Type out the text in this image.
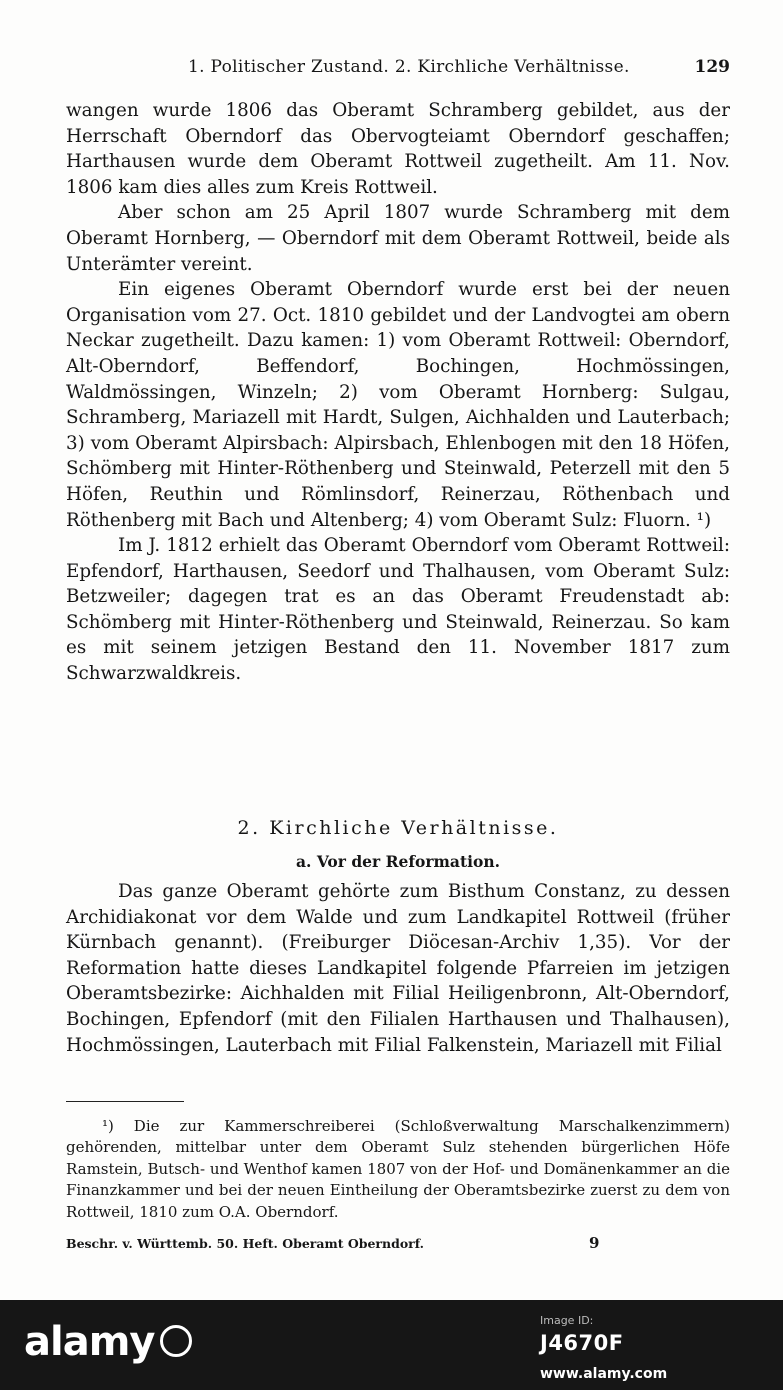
1. Politischer Zustand. 2. Kirchliche Verhältnisse.	129

wangen wurde 1806 das Oberamt Schramberg gebildet, aus der Herrschaft Oberndorf das Obervogteiamt Oberndorf geschaffen; Harthausen wurde dem Oberamt Rottweil zugetheilt. Am 11. Nov. 1806 kam dies alles zum Kreis Rottweil.

Aber schon am 25 April 1807 wurde Schramberg mit dem Oberamt Hornberg, — Oberndorf mit dem Oberamt Rottweil, beide als Unterämter vereint.

Ein eigenes Oberamt Oberndorf wurde erst bei der neuen Organisation vom 27. Oct. 1810 gebildet und der Landvogtei am obern Neckar zugetheilt. Dazu kamen: 1) vom Oberamt Rottweil: Oberndorf, Alt-Oberndorf, Beffendorf, Bochingen, Hochmössingen, Waldmössingen, Winzeln; 2) vom Oberamt Hornberg: Sulgau, Schramberg, Mariazell mit Hardt, Sulgen, Aichhalden und Lauterbach; 3) vom Oberamt Alpirsbach: Alpirsbach, Ehlenbogen mit den 18 Höfen, Schömberg mit Hinter-Röthenberg und Steinwald, Peterzell mit den 5 Höfen, Reuthin und Römlinsdorf, Reinerzau, Röthenbach und Röthenberg mit Bach und Altenberg; 4) vom Oberamt Sulz: Fluorn. ¹)

Im J. 1812 erhielt das Oberamt Oberndorf vom Oberamt Rottweil: Epfendorf, Harthausen, Seedorf und Thalhausen, vom Oberamt Sulz: Betzweiler; dagegen trat es an das Oberamt Freudenstadt ab: Schömberg mit Hinter-Röthenberg und Steinwald, Reinerzau. So kam es mit seinem jetzigen Bestand den 11. November 1817 zum Schwarzwaldkreis.

2. Kirchliche Verhältnisse.
a. Vor der Reformation.

Das ganze Oberamt gehörte zum Bisthum Constanz, zu dessen Archidiakonat vor dem Walde und zum Landkapitel Rottweil (früher Kürnbach genannt). (Freiburger Diöcesan-Archiv 1,35). Vor der Reformation hatte dieses Landkapitel folgende Pfarreien im jetzigen Oberamtsbezirke: Aichhalden mit Filial Heiligenbronn, Alt-Oberndorf, Bochingen, Epfendorf (mit den Filialen Harthausen und Thalhausen), Hochmössingen, Lauterbach mit Filial Falkenstein, Mariazell mit Filial

¹) Die zur Kammerschreiberei (Schloßverwaltung Marschalkenzimmern) gehörenden, mittelbar unter dem Oberamt Sulz stehenden bürgerlichen Höfe Ramstein, Butsch- und Wenthof kamen 1807 von der Hof- und Domänenkammer an die Finanzkammer und bei der neuen Eintheilung der Oberamtsbezirke zuerst zu dem von Rottweil, 1810 zum O.A. Oberndorf.

Beschr. v. Württemb. 50. Heft. Oberamt Oberndorf.	9
alamy	Image ID:
J4670F
www.alamy.com
